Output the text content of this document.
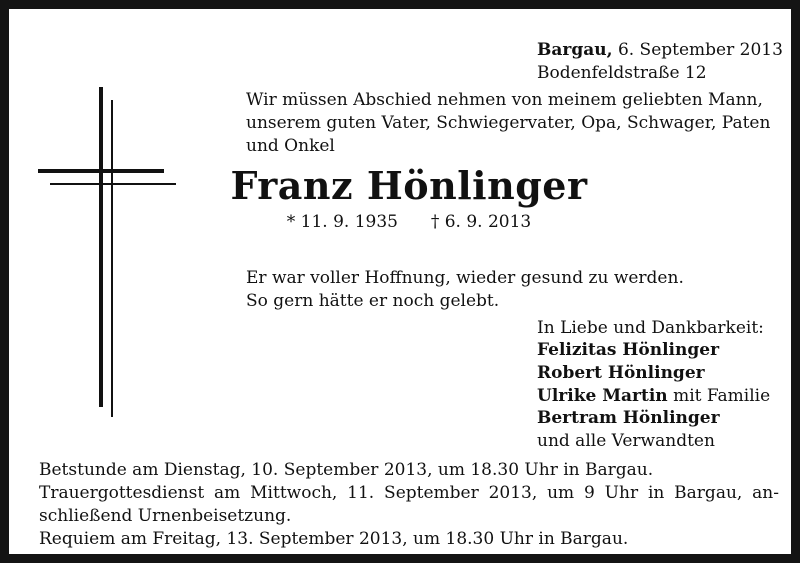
Bargau, 6. September 2013
Bodenfeldstraße 12
Wir müssen Abschied nehmen von meinem geliebten Mann,
unserem guten Vater, Schwiegervater, Opa, Schwager, Paten
und Onkel
Franz Hönlinger
* 11. 9. 1935 † 6. 9. 2013
Er war voller Hoffnung, wieder gesund zu werden.
So gern hätte er noch gelebt.
In Liebe und Dankbarkeit:
Felizitas Hönlinger
Robert Hönlinger
Ulrike Martin mit Familie
Bertram Hönlinger
und alle Verwandten
Betstunde am Dienstag, 10. September 2013, um 18.30 Uhr in Bargau.
Trauergottesdienst am Mittwoch, 11. September 2013, um 9 Uhr in Bargau, an-
schließend Urnenbeisetzung.
Requiem am Freitag, 13. September 2013, um 18.30 Uhr in Bargau.
